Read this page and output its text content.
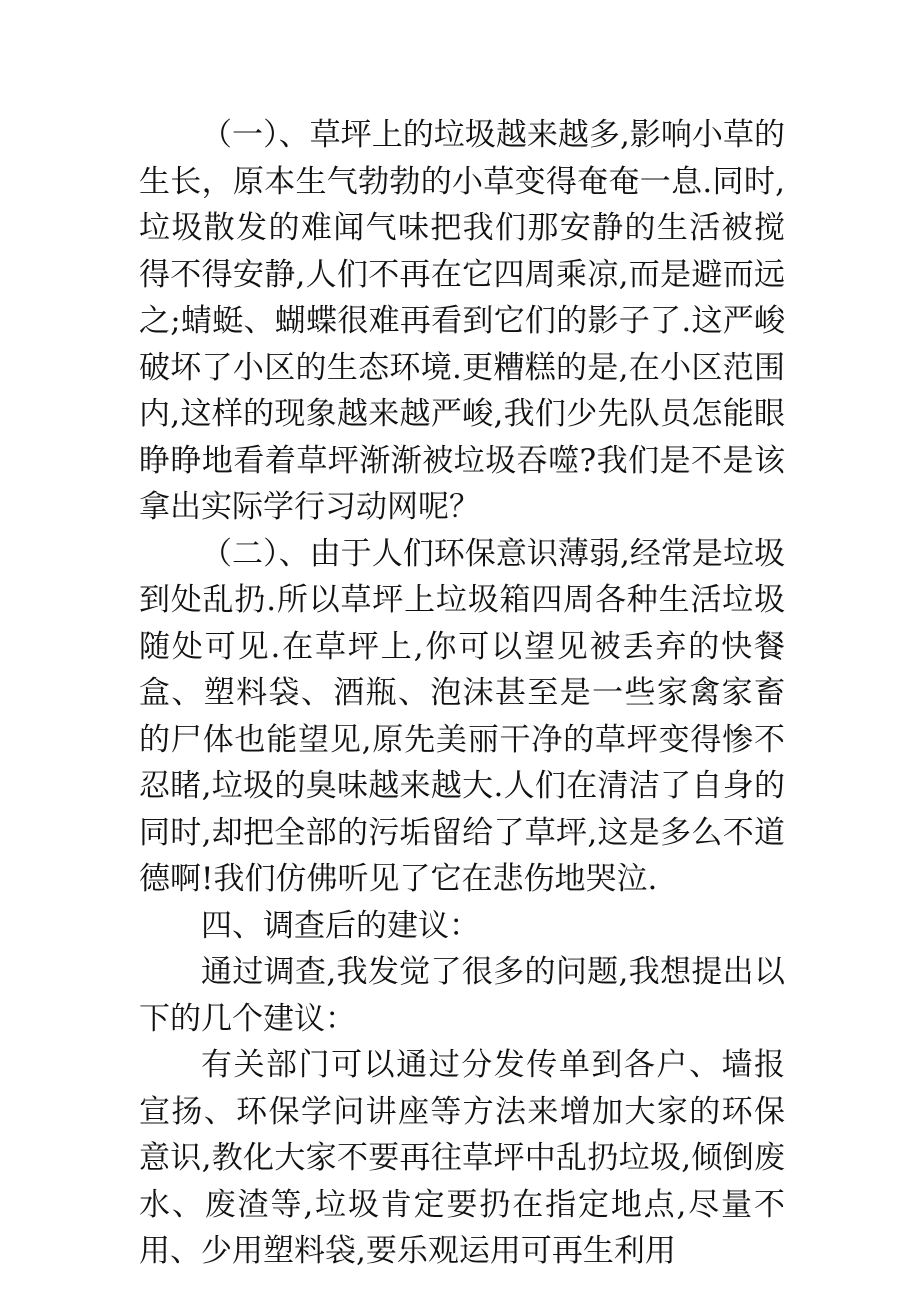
（一）、草坪上的垃圾越来越多,影响小草的生长，原本生气勃勃的小草变得奄奄一息.同时,垃圾散发的难闻气味把我们那安静的生活被搅得不得安静,人们不再在它四周乘凉,而是避而远之;蜻蜓、蝴蝶很难再看到它们的影子了.这严峻破坏了小区的生态环境.更糟糕的是,在小区范围内,这样的现象越来越严峻,我们少先队员怎能眼睁睁地看着草坪渐渐被垃圾吞噬?我们是不是该拿出实际学行习动网呢？

（二）、由于人们环保意识薄弱,经常是垃圾到处乱扔.所以草坪上垃圾箱四周各种生活垃圾随处可见.在草坪上,你可以望见被丢弃的快餐盒、塑料袋、酒瓶、泡沫甚至是一些家禽家畜的尸体也能望见,原先美丽干净的草坪变得惨不忍睹,垃圾的臭味越来越大.人们在清洁了自身的同时,却把全部的污垢留给了草坪,这是多么不道德啊!我们仿佛听见了它在悲伤地哭泣.

四、调查后的建议：

通过调查,我发觉了很多的问题,我想提出以下的几个建议：

有关部门可以通过分发传单到各户、墙报宣扬、环保学问讲座等方法来增加大家的环保意识,教化大家不要再往草坪中乱扔垃圾,倾倒废水、废渣等,垃圾肯定要扔在指定地点,尽量不用、少用塑料袋,要乐观运用可再生利用
